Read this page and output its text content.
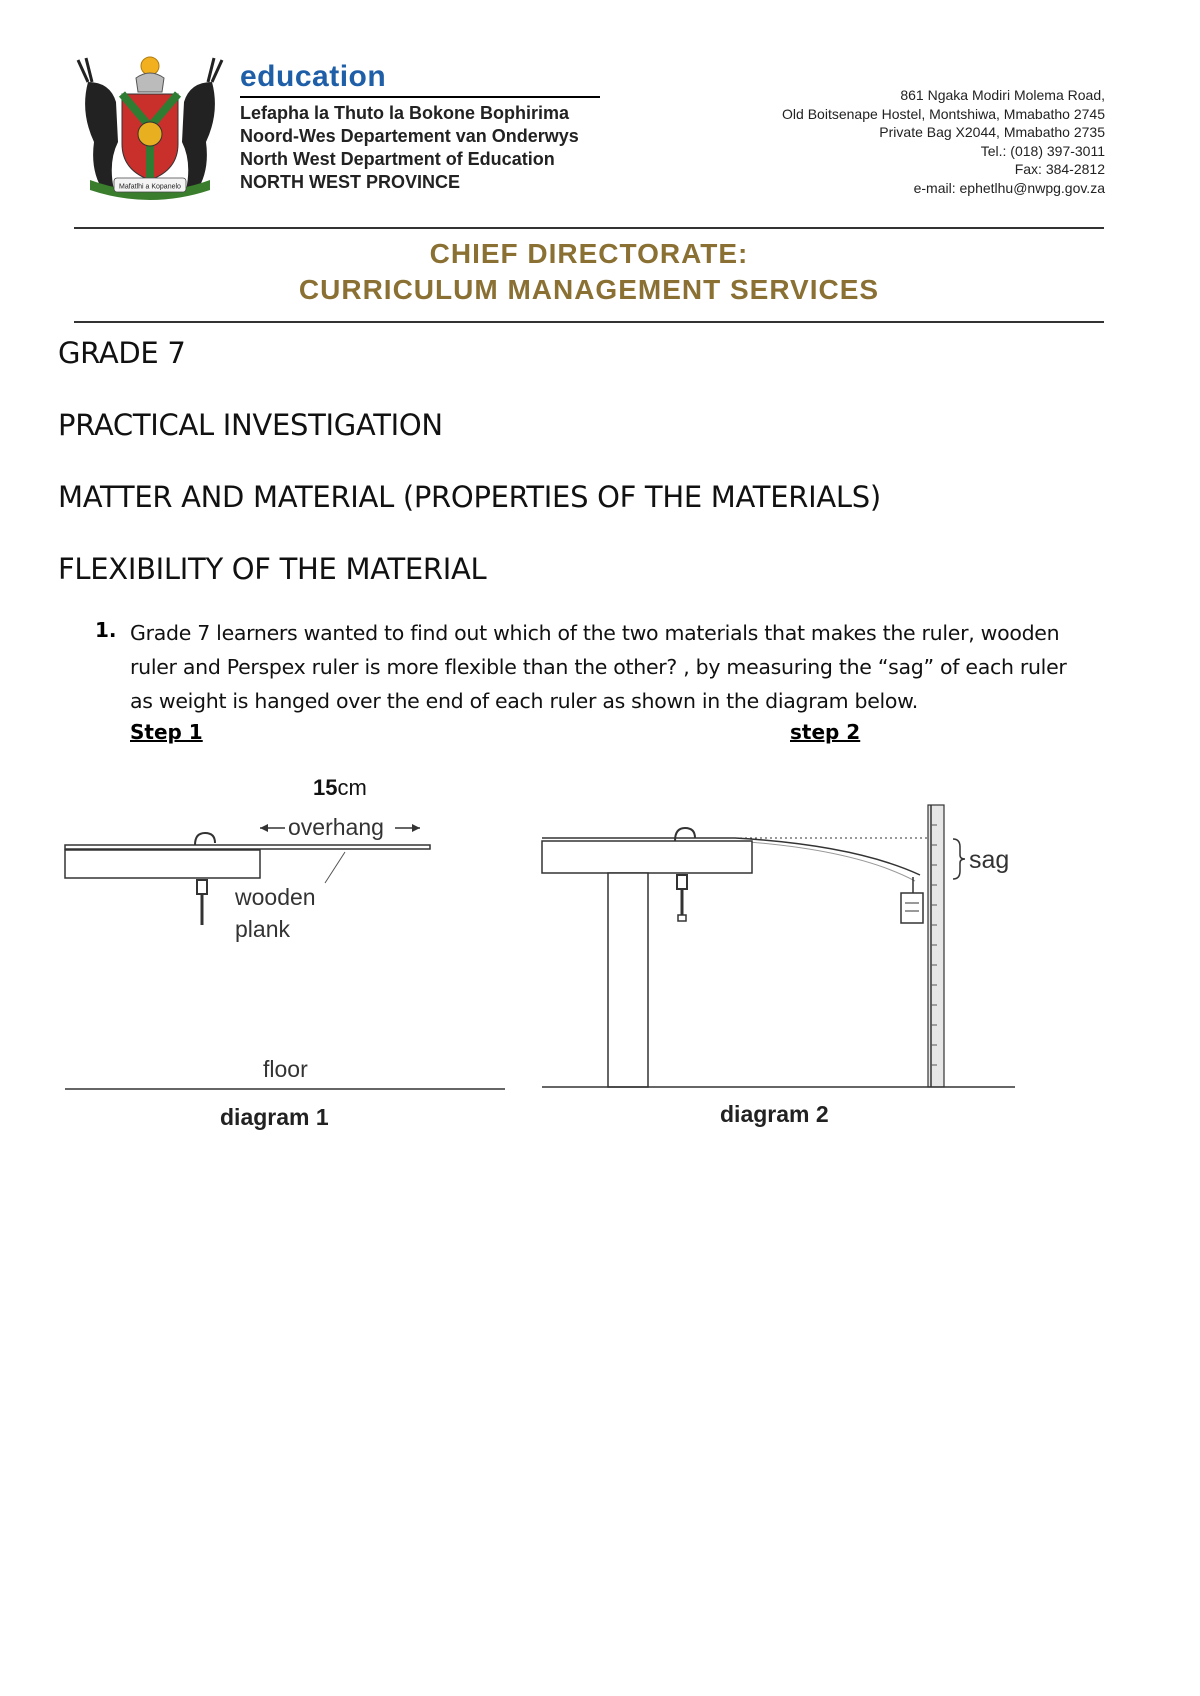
Mafatlhi a Kopanelo
education
Lefapha la Thuto la Bokone Bophirima
Noord-Wes Departement van Onderwys
North West Department of Education
NORTH WEST PROVINCE
861 Ngaka Modiri Molema Road,
Old Boitsenape Hostel, Montshiwa, Mmabatho 2745
Private Bag X2044, Mmabatho 2735
Tel.: (018) 397-3011
Fax: 384-2812
e-mail: ephetlhu@nwpg.gov.za
CHIEF DIRECTORATE:
CURRICULUM MANAGEMENT SERVICES
GRADE 7
PRACTICAL INVESTIGATION
MATTER AND MATERIAL (PROPERTIES OF THE MATERIALS)
FLEXIBILITY OF THE MATERIAL
1. Grade 7 learners wanted to find out which of the two materials that makes the ruler, wooden ruler and Perspex ruler is more flexible than the other? , by measuring the “sag” of each ruler as weight is hanged over the end of each ruler as shown in the diagram below.
Step 1	step 2
15cm
overhang
wooden
plank
floor
diagram 1
sag
diagram 2
